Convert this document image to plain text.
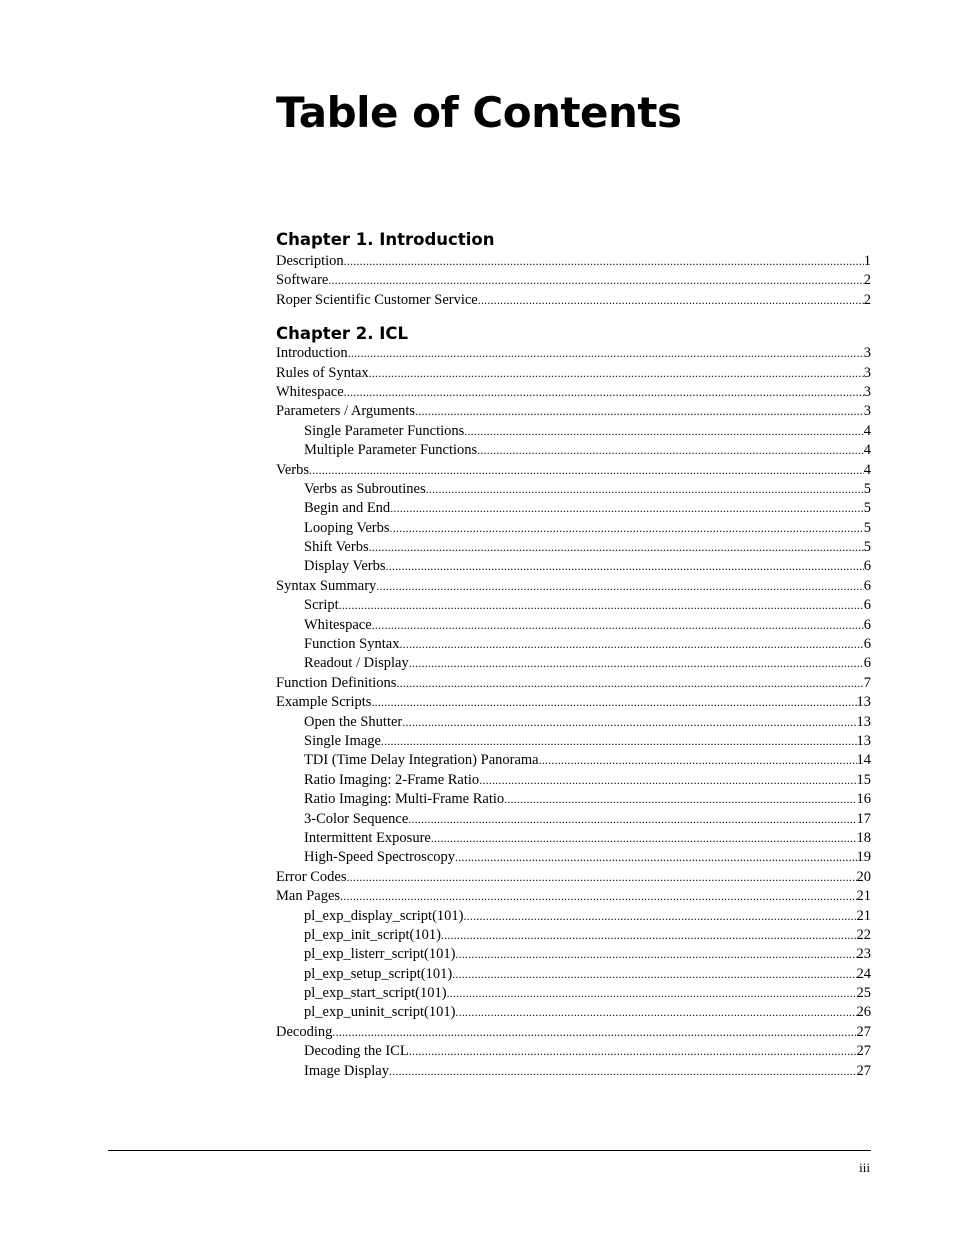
Table of Contents
Chapter 1. Introduction
Description .....	1
Software .....	2
Roper Scientific Customer Service .....	2
Chapter 2. ICL
Introduction .....	3
Rules of Syntax .....	3
Whitespace .....	3
Parameters / Arguments .....	3
Single Parameter Functions .....	4
Multiple Parameter Functions .....	4
Verbs .....	4
Verbs as Subroutines .....	5
Begin and End .....	5
Looping Verbs .....	5
Shift Verbs .....	5
Display Verbs .....	6
Syntax Summary .....	6
Script .....	6
Whitespace .....	6
Function Syntax .....	6
Readout / Display .....	6
Function Definitions .....	7
Example Scripts .....	13
Open the Shutter .....	13
Single Image .....	13
TDI (Time Delay Integration) Panorama .....	14
Ratio Imaging: 2-Frame Ratio .....	15
Ratio Imaging: Multi-Frame Ratio .....	16
3-Color Sequence .....	17
Intermittent Exposure .....	18
High-Speed Spectroscopy .....	19
Error Codes .....	20
Man Pages .....	21
pl_exp_display_script(101) .....	21
pl_exp_init_script(101) .....	22
pl_exp_listerr_script(101) .....	23
pl_exp_setup_script(101) .....	24
pl_exp_start_script(101) .....	25
pl_exp_uninit_script(101) .....	26
Decoding .....	27
Decoding the ICL .....	27
Image Display .....	27
iii
